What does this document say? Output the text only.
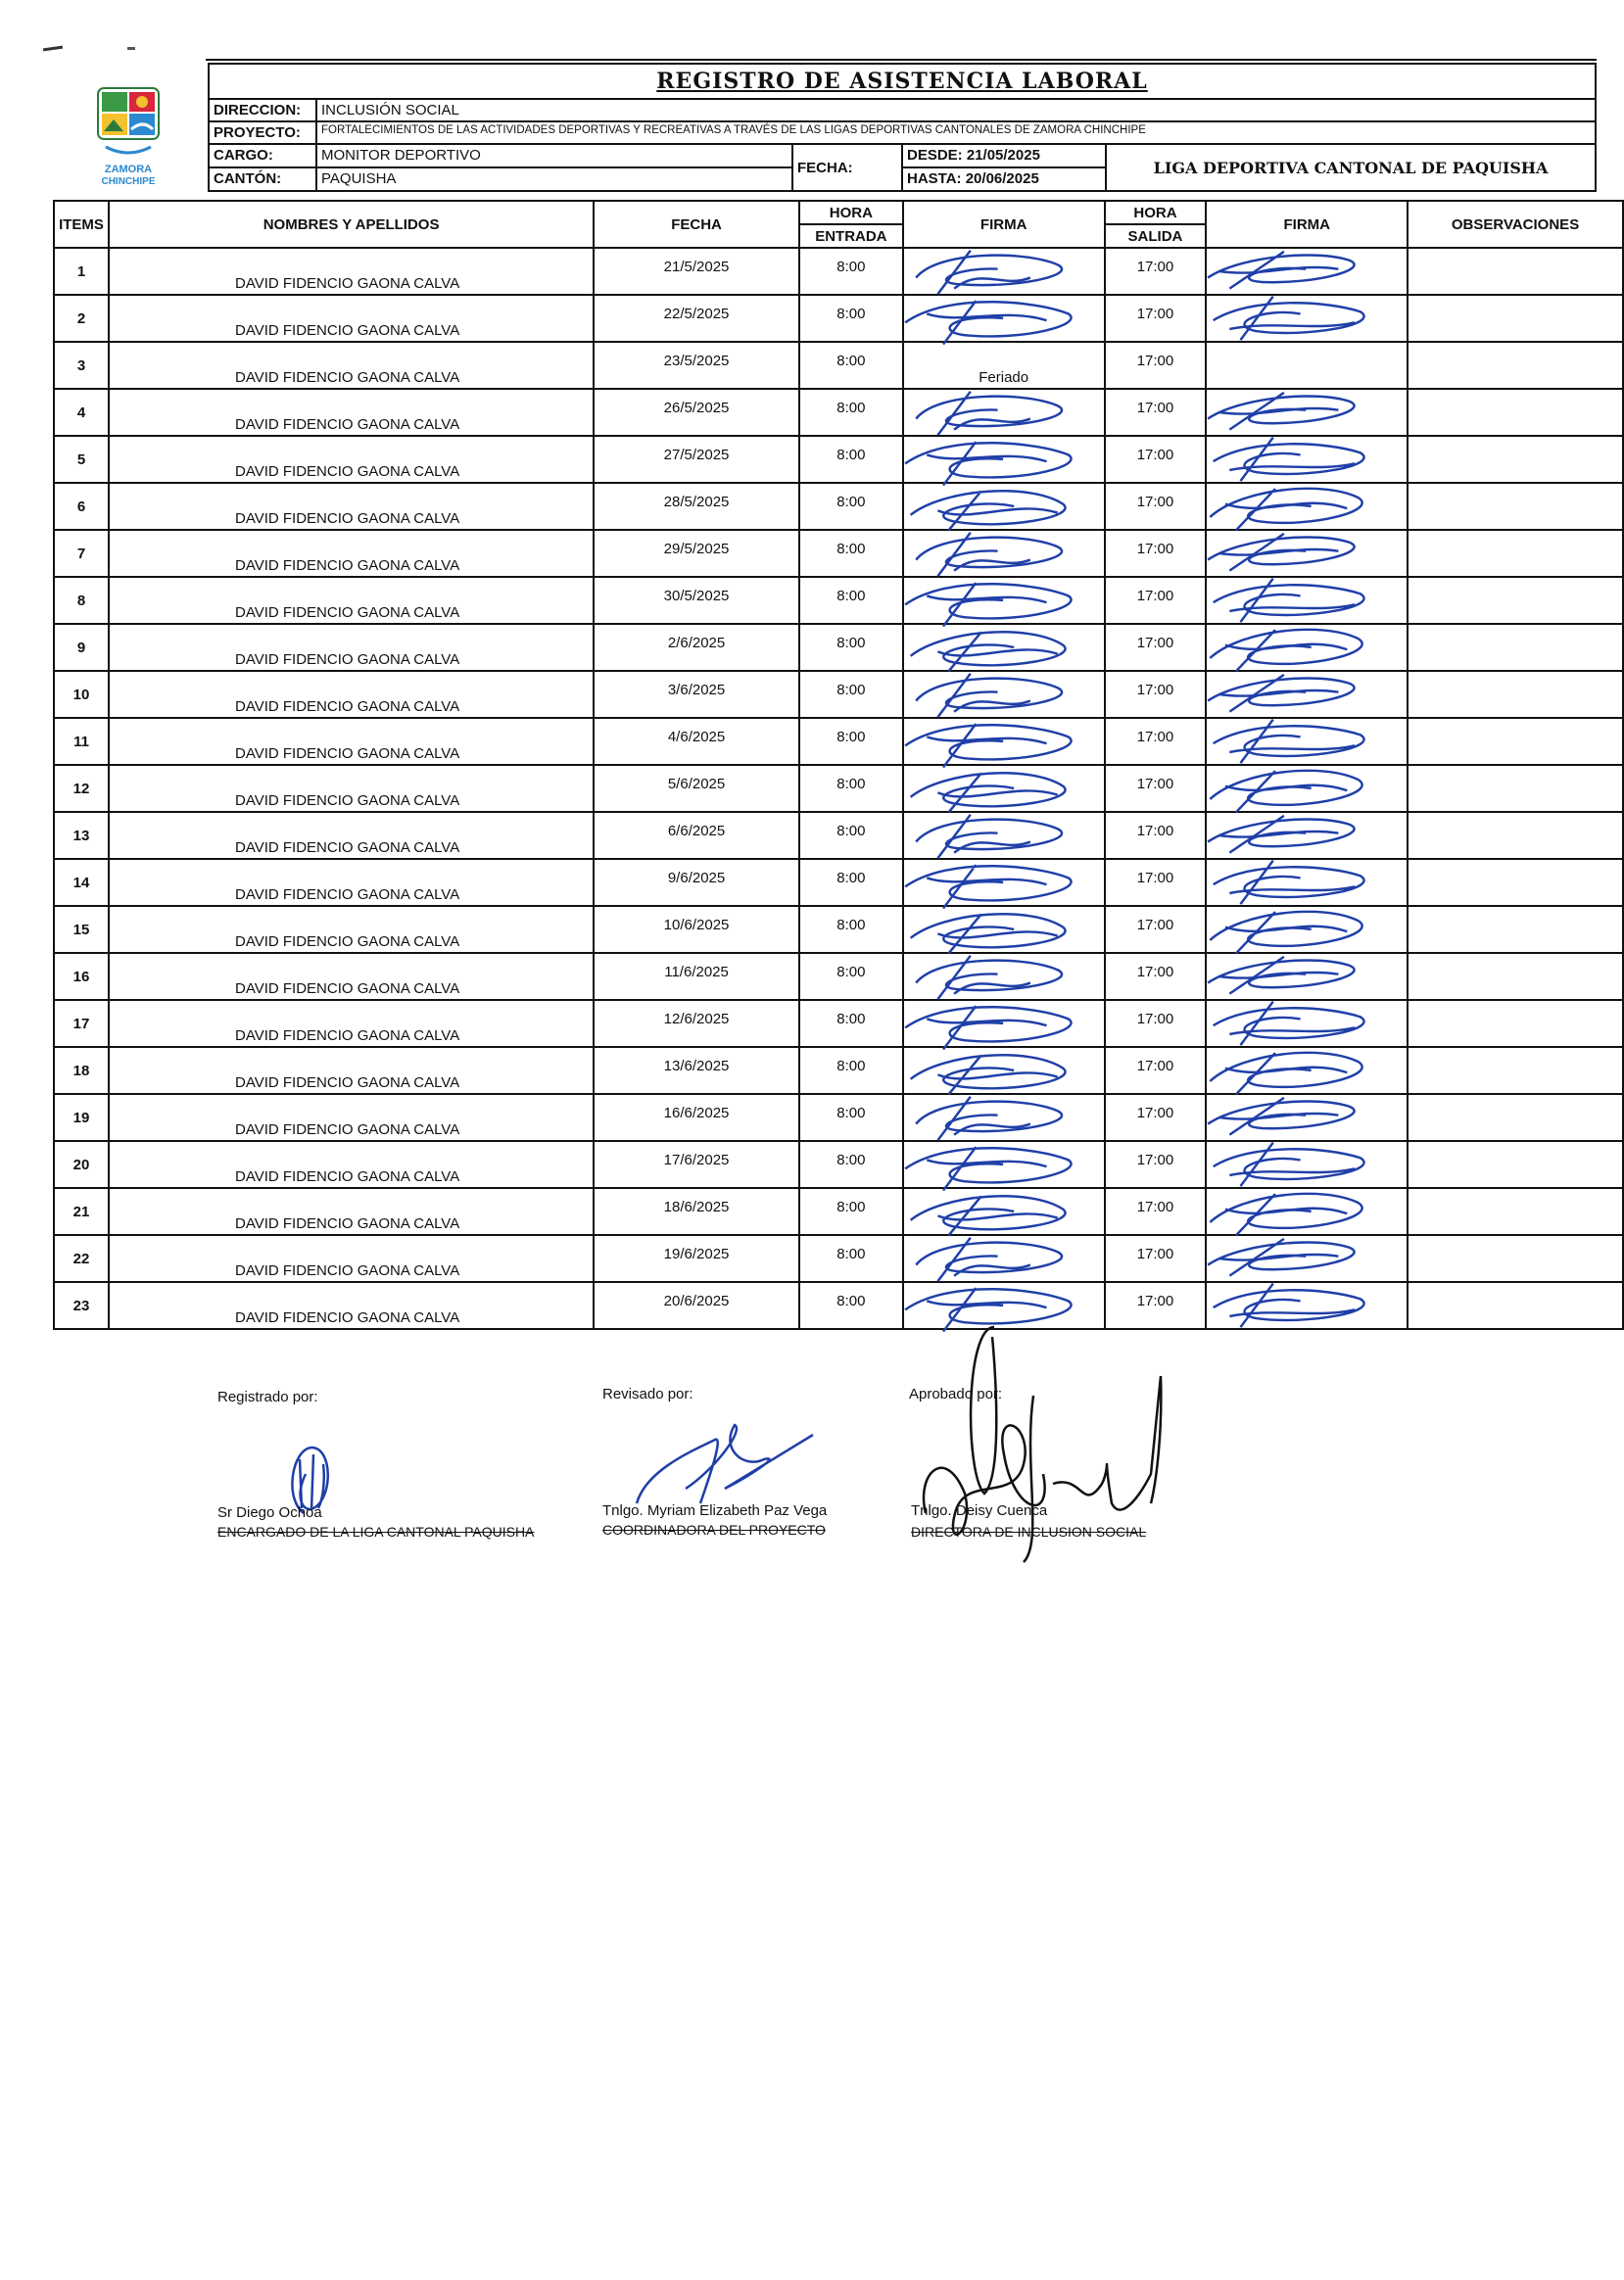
ZAMORA
CHINCHIPE
REGISTRO DE ASISTENCIA LABORAL
DIRECCION:	INCLUSIÓN SOCIAL
PROYECTO:	FORTALECIMIENTOS DE LAS ACTIVIDADES DEPORTIVAS Y RECREATIVAS A TRAVÉS DE LAS LIGAS DEPORTIVAS CANTONALES DE ZAMORA CHINCHIPE
CARGO:	MONITOR DEPORTIVO
CANTÓN:	PAQUISHA
FECHA:
DESDE: 21/05/2025
HASTA: 20/06/2025
LIGA DEPORTIVA CANTONAL DE PAQUISHA
ITEMS	NOMBRES Y APELLIDOS	FECHA	HORA	FIRMA	HORA	FIRMA	OBSERVACIONES
			ENTRADA		SALIDA		
1	DAVID FIDENCIO GAONA CALVA	21/5/2025	8:00		17:00

2	DAVID FIDENCIO GAONA CALVA	22/5/2025	8:00		17:00

3	DAVID FIDENCIO GAONA CALVA	23/5/2025	8:00	Feriado	17:00		

4	DAVID FIDENCIO GAONA CALVA	26/5/2025	8:00		17:00

5	DAVID FIDENCIO GAONA CALVA	27/5/2025	8:00		17:00

6	DAVID FIDENCIO GAONA CALVA	28/5/2025	8:00		17:00

7	DAVID FIDENCIO GAONA CALVA	29/5/2025	8:00		17:00

8	DAVID FIDENCIO GAONA CALVA	30/5/2025	8:00		17:00

9	DAVID FIDENCIO GAONA CALVA	2/6/2025	8:00		17:00

10	DAVID FIDENCIO GAONA CALVA	3/6/2025	8:00		17:00

11	DAVID FIDENCIO GAONA CALVA	4/6/2025	8:00		17:00

12	DAVID FIDENCIO GAONA CALVA	5/6/2025	8:00		17:00

13	DAVID FIDENCIO GAONA CALVA	6/6/2025	8:00		17:00

14	DAVID FIDENCIO GAONA CALVA	9/6/2025	8:00		17:00

15	DAVID FIDENCIO GAONA CALVA	10/6/2025	8:00		17:00

16	DAVID FIDENCIO GAONA CALVA	11/6/2025	8:00		17:00

17	DAVID FIDENCIO GAONA CALVA	12/6/2025	8:00		17:00

18	DAVID FIDENCIO GAONA CALVA	13/6/2025	8:00		17:00

19	DAVID FIDENCIO GAONA CALVA	16/6/2025	8:00		17:00

20	DAVID FIDENCIO GAONA CALVA	17/6/2025	8:00		17:00

21	DAVID FIDENCIO GAONA CALVA	18/6/2025	8:00		17:00

22	DAVID FIDENCIO GAONA CALVA	19/6/2025	8:00		17:00

23	DAVID FIDENCIO GAONA CALVA	20/6/2025	8:00		17:00

Registrado por:	Revisado por:	Aprobado por:
Sr Diego Ochoa
ENCARGADO DE LA LIGA CANTONAL PAQUISHA
Tnlgo. Myriam Elizabeth Paz Vega
COORDINADORA DEL PROYECTO
Tnlgo. Deisy Cuenca
DIRECTORA DE INCLUSION SOCIAL
